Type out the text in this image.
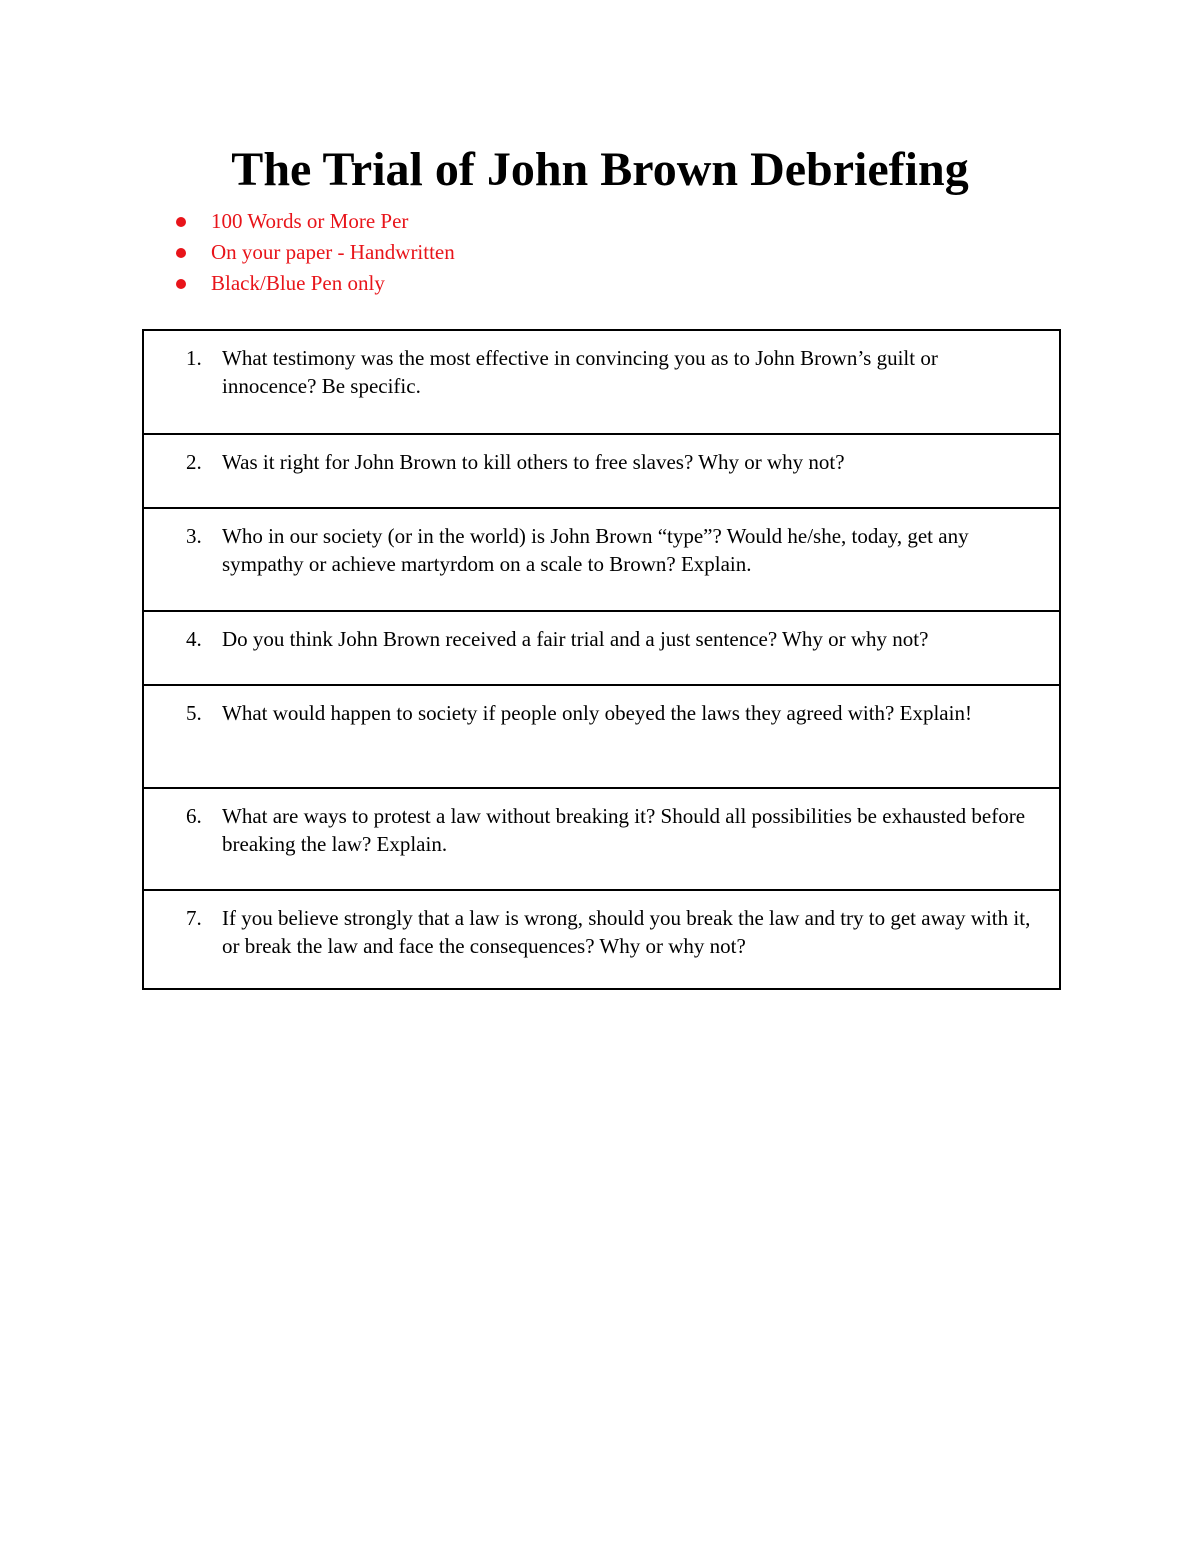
The Trial of John Brown Debriefing
100 Words or More Per
On your paper - Handwritten
Black/Blue Pen only
1. What testimony was the most effective in convincing you as to John Brown’s guilt or innocence? Be specific.

2. Was it right for John Brown to kill others to free slaves? Why or why not?

3. Who in our society (or in the world) is John Brown “type”? Would he/she, today, get any sympathy or achieve martyrdom on a scale to Brown? Explain.

4. Do you think John Brown received a fair trial and a just sentence? Why or why not?

5. What would happen to society if people only obeyed the laws they agreed with? Explain!

6. What are ways to protest a law without breaking it? Should all possibilities be exhausted before breaking the law? Explain.

7. If you believe strongly that a law is wrong, should you break the law and try to get away with it, or break the law and face the consequences? Why or why not?
